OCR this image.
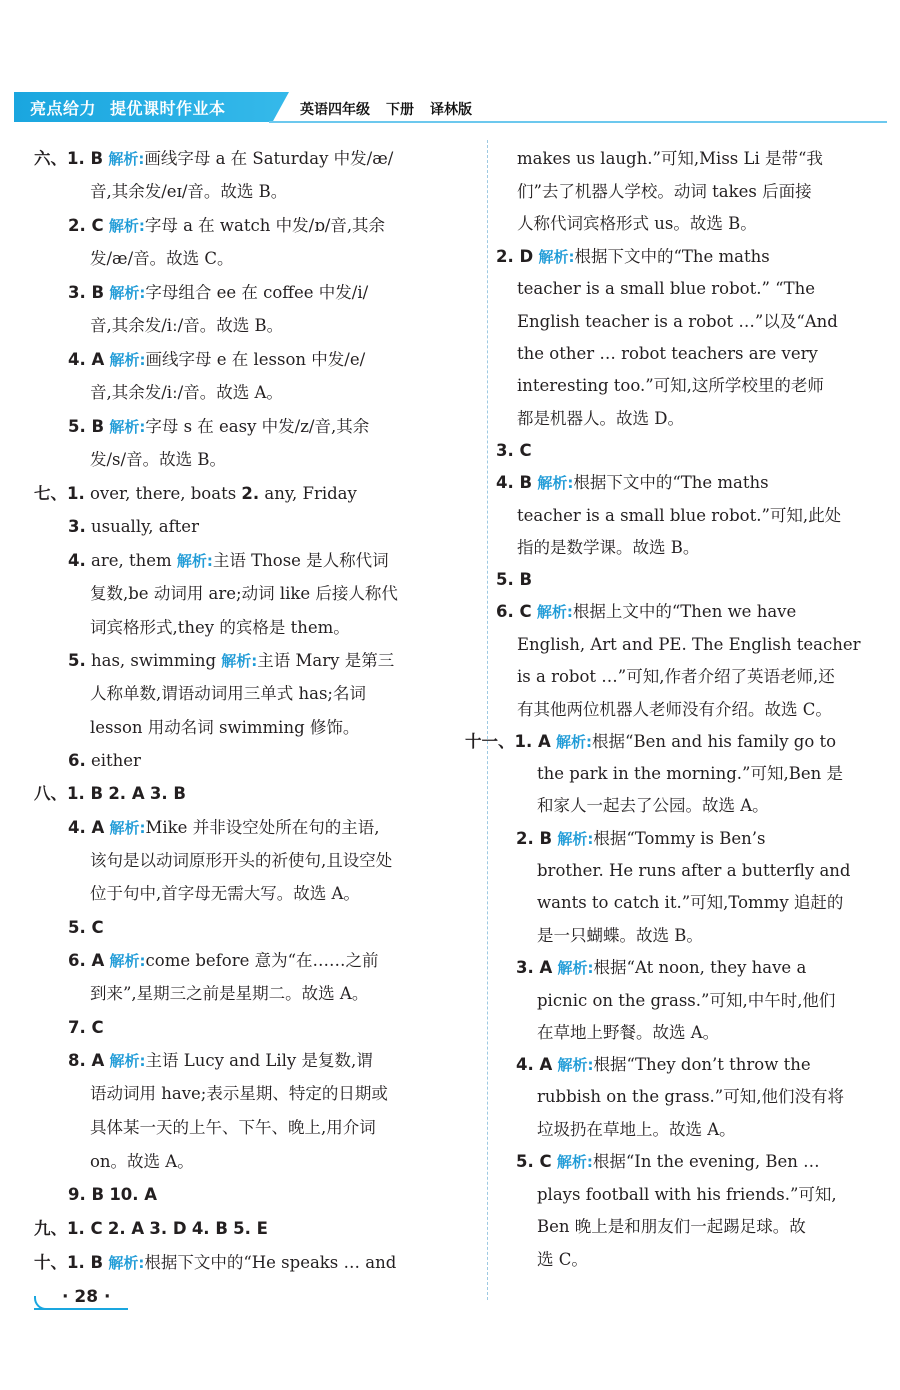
亮点给力 提优课时作业本	英语四年级 下册 译林版
六、1. B 解析:画线字母 a 在 Saturday 中发/æ/
音,其余发/eɪ/音。故选 B。
2. C 解析:字母 a 在 watch 中发/ɒ/音,其余
发/æ/音。故选 C。
3. B 解析:字母组合 ee 在 coffee 中发/i/
音,其余发/iː/音。故选 B。
4. A 解析:画线字母 e 在 lesson 中发/e/
音,其余发/iː/音。故选 A。
5. B 解析:字母 s 在 easy 中发/z/音,其余
发/s/音。故选 B。
七、1. over, there, boats 2. any, Friday
3. usually, after
4. are, them 解析:主语 Those 是人称代词
复数,be 动词用 are;动词 like 后接人称代
词宾格形式,they 的宾格是 them。
5. has, swimming 解析:主语 Mary 是第三
人称单数,谓语动词用三单式 has;名词
lesson 用动名词 swimming 修饰。
6. either
八、1. B 2. A 3. B
4. A 解析:Mike 并非设空处所在句的主语,
该句是以动词原形开头的祈使句,且设空处
位于句中,首字母无需大写。故选 A。
5. C
6. A 解析:come before 意为“在……之前
到来”,星期三之前是星期二。故选 A。
7. C
8. A 解析:主语 Lucy and Lily 是复数,谓
语动词用 have;表示星期、特定的日期或
具体某一天的上午、下午、晚上,用介词
on。故选 A。
9. B 10. A
九、1. C 2. A 3. D 4. B 5. E
十、1. B 解析:根据下文中的“He speaks … and
makes us laugh.”可知,Miss Li 是带“我
们”去了机器人学校。动词 takes 后面接
人称代词宾格形式 us。故选 B。
2. D 解析:根据下文中的“The maths
teacher is a small blue robot.” “The
English teacher is a robot …”以及“And
the other … robot teachers are very
interesting too.”可知,这所学校里的老师
都是机器人。故选 D。
3. C
4. B 解析:根据下文中的“The maths
teacher is a small blue robot.”可知,此处
指的是数学课。故选 B。
5. B
6. C 解析:根据上文中的“Then we have
English, Art and PE. The English teacher
is a robot …”可知,作者介绍了英语老师,还
有其他两位机器人老师没有介绍。故选 C。
十一、1. A 解析:根据“Ben and his family go to
the park in the morning.”可知,Ben 是
和家人一起去了公园。故选 A。
2. B 解析:根据“Tommy is Ben’s
brother. He runs after a butterfly and
wants to catch it.”可知,Tommy 追赶的
是一只蝴蝶。故选 B。
3. A 解析:根据“At noon, they have a
picnic on the grass.”可知,中午时,他们
在草地上野餐。故选 A。
4. A 解析:根据“They don’t throw the
rubbish on the grass.”可知,他们没有将
垃圾扔在草地上。故选 A。
5. C 解析:根据“In the evening, Ben …
plays football with his friends.”可知,
Ben 晚上是和朋友们一起踢足球。故
选 C。
· 28 ·
